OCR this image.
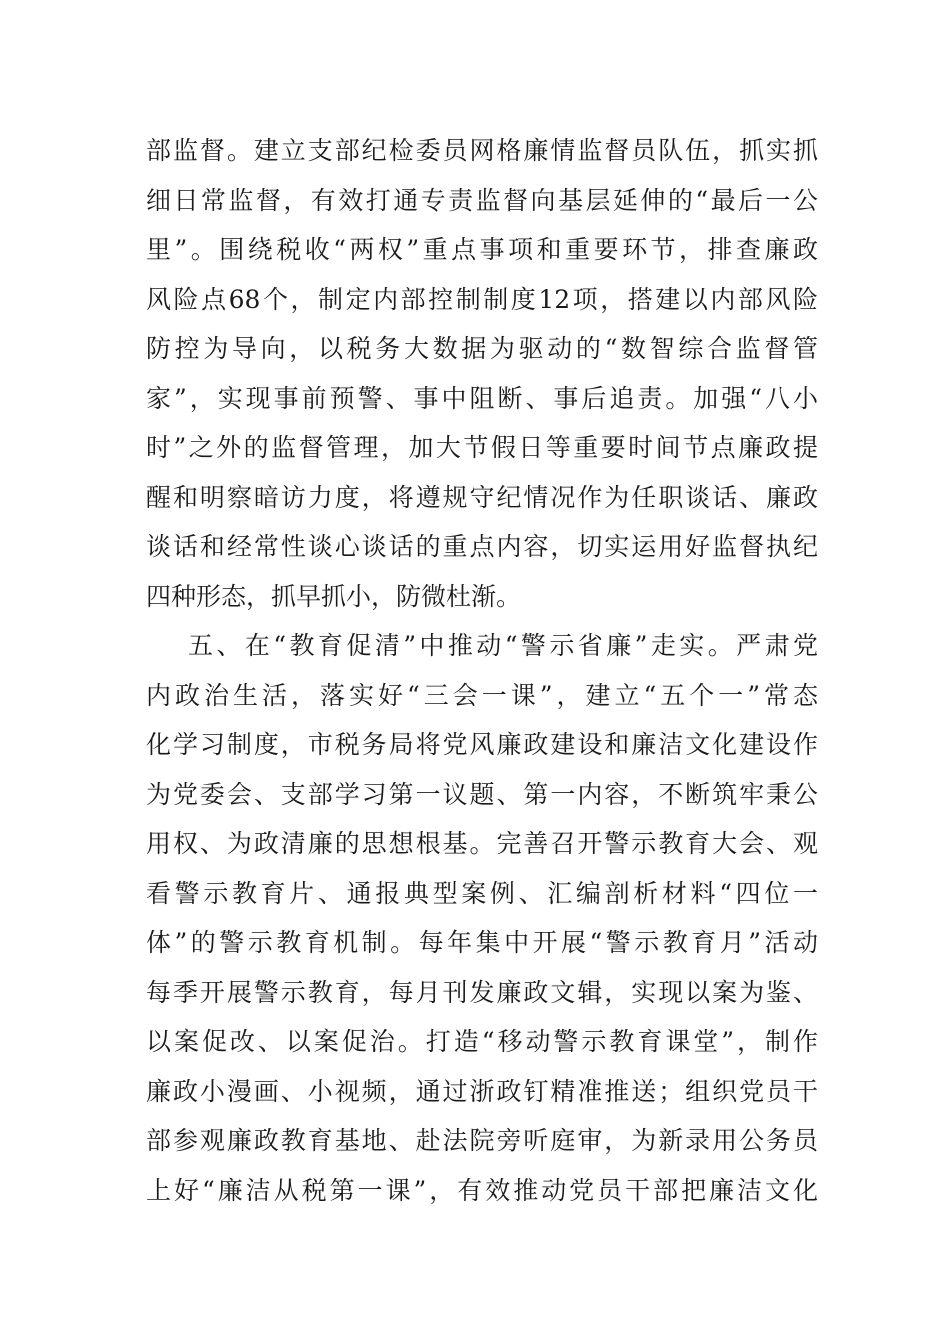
部监督。建立支部纪检委员网格廉情监督员队伍，抓实抓
细日常监督，有效打通专责监督向基层延伸的“最后一公
里”。围绕税收“两权”重点事项和重要环节，排查廉政
风险点68个，制定内部控制制度12项，搭建以内部风险
防控为导向，以税务大数据为驱动的“数智综合监督管
家”，实现事前预警、事中阻断、事后追责。加强“八小
时”之外的监督管理，加大节假日等重要时间节点廉政提
醒和明察暗访力度，将遵规守纪情况作为任职谈话、廉政
谈话和经常性谈心谈话的重点内容，切实运用好监督执纪
四种形态，抓早抓小，防微杜渐。
五、在“教育促清”中推动“警示省廉”走实。严肃党
内政治生活，落实好“三会一课”，建立“五个一”常态
化学习制度，市税务局将党风廉政建设和廉洁文化建设作
为党委会、支部学习第一议题、第一内容，不断筑牢秉公
用权、为政清廉的思想根基。完善召开警示教育大会、观
看警示教育片、通报典型案例、汇编剖析材料“四位一
体”的警示教育机制。每年集中开展“警示教育月”活动
每季开展警示教育，每月刊发廉政文辑，实现以案为鉴、
以案促改、以案促治。打造“移动警示教育课堂”，制作
廉政小漫画、小视频，通过浙政钉精准推送；组织党员干
部参观廉政教育基地、赴法院旁听庭审，为新录用公务员
上好“廉洁从税第一课”，有效推动党员干部把廉洁文化
